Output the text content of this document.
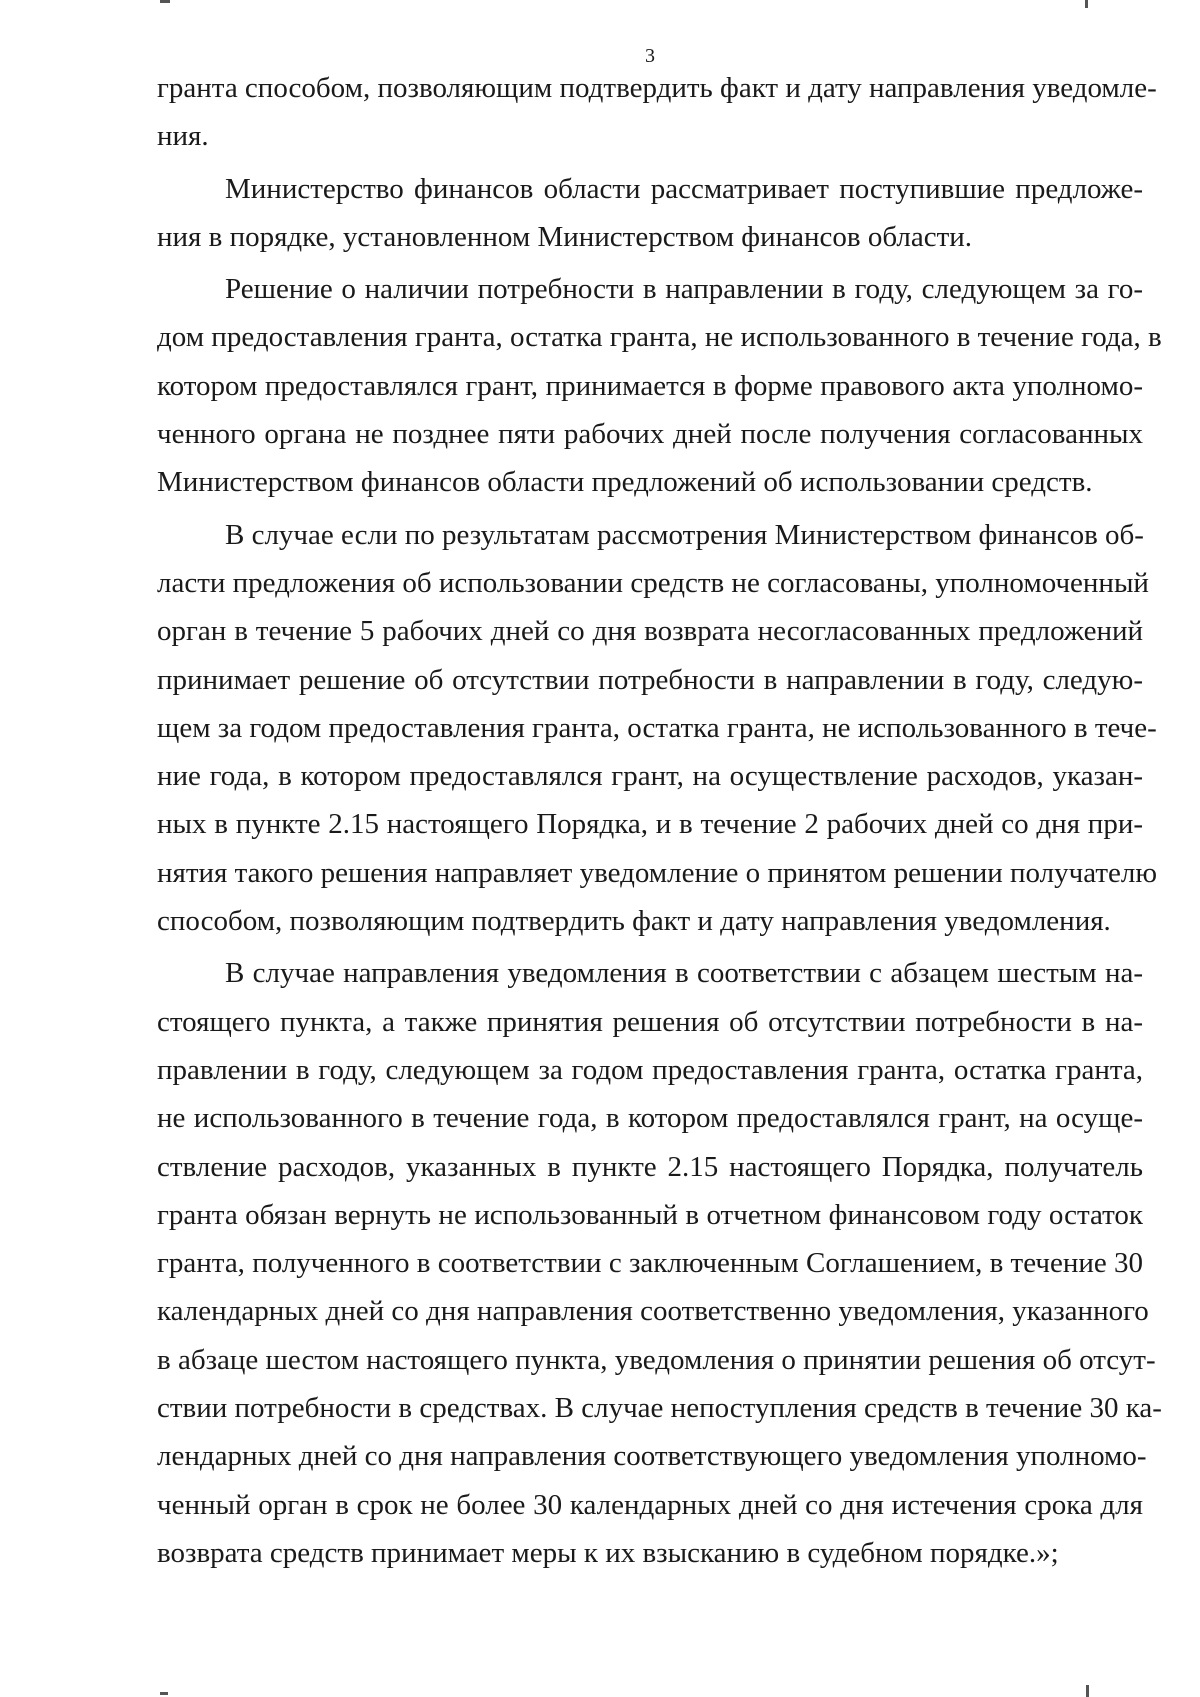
3
гранта способом, позволяющим подтвердить факт и дату направления уведомле-
ния.
Министерство финансов области рассматривает поступившие предложе-
ния в порядке, установленном Министерством финансов области.
Решение о наличии потребности в направлении в году, следующем за го-
дом предоставления гранта, остатка гранта, не использованного в течение года, в
котором предоставлялся грант, принимается в форме правового акта уполномо-
ченного органа не позднее пяти рабочих дней после получения согласованных
Министерством финансов области предложений об использовании средств.
В случае если по результатам рассмотрения Министерством финансов об-
ласти предложения об использовании средств не согласованы, уполномоченный
орган в течение 5 рабочих дней со дня возврата несогласованных предложений
принимает решение об отсутствии потребности в направлении в году, следую-
щем за годом предоставления гранта, остатка гранта, не использованного в тече-
ние года, в котором предоставлялся грант, на осуществление расходов, указан-
ных в пункте 2.15 настоящего Порядка, и в течение 2 рабочих дней со дня при-
нятия такого решения направляет уведомление о принятом решении получателю
способом, позволяющим подтвердить факт и дату направления уведомления.
В случае направления уведомления в соответствии с абзацем шестым на-
стоящего пункта, а также принятия решения об отсутствии потребности в на-
правлении в году, следующем за годом предоставления гранта, остатка гранта,
не использованного в течение года, в котором предоставлялся грант, на осуще-
ствление расходов, указанных в пункте 2.15 настоящего Порядка, получатель
гранта обязан вернуть не использованный в отчетном финансовом году остаток
гранта, полученного в соответствии с заключенным Соглашением, в течение 30
календарных дней со дня направления соответственно уведомления, указанного
в абзаце шестом настоящего пункта, уведомления о принятии решения об отсут-
ствии потребности в средствах. В случае непоступления средств в течение 30 ка-
лендарных дней со дня направления соответствующего уведомления уполномо-
ченный орган в срок не более 30 календарных дней со дня истечения срока для
возврата средств принимает меры к их взысканию в судебном порядке.»;
